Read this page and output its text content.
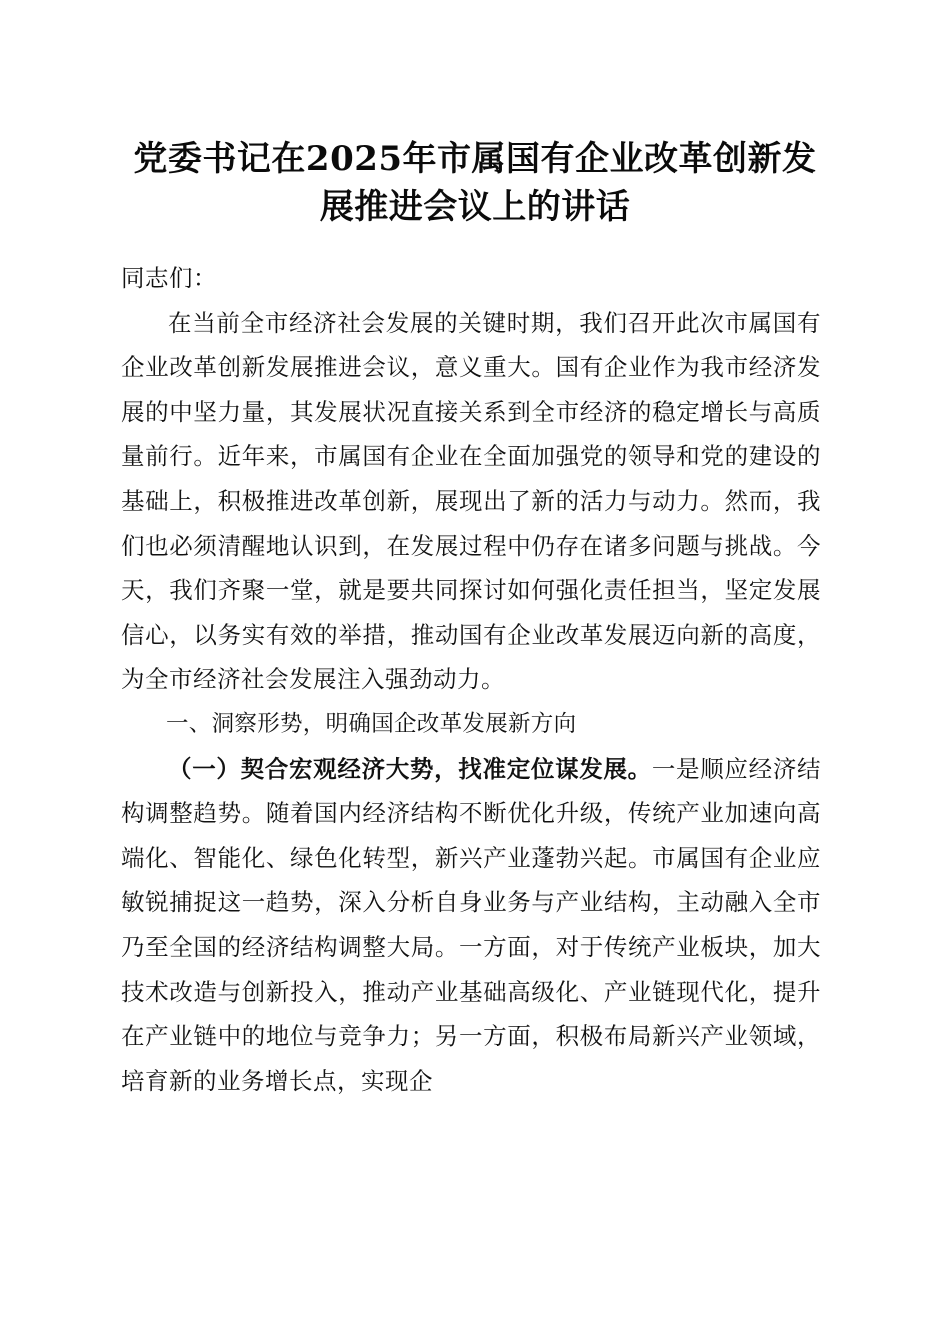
党委书记在2025年市属国有企业改革创新发
展推进会议上的讲话

同志们：

在当前全市经济社会发展的关键时期，我们召开此次市属国有企业改革创新发展推进会议，意义重大。国有企业作为我市经济发展的中坚力量，其发展状况直接关系到全市经济的稳定增长与高质量前行。近年来，市属国有企业在全面加强党的领导和党的建设的基础上，积极推进改革创新，展现出了新的活力与动力。然而，我们也必须清醒地认识到，在发展过程中仍存在诸多问题与挑战。今天，我们齐聚一堂，就是要共同探讨如何强化责任担当，坚定发展信心，以务实有效的举措，推动国有企业改革发展迈向新的高度，为全市经济社会发展注入强劲动力。

一、洞察形势，明确国企改革发展新方向

（一）契合宏观经济大势，找准定位谋发展。一是顺应经济结构调整趋势。随着国内经济结构不断优化升级，传统产业加速向高端化、智能化、绿色化转型，新兴产业蓬勃兴起。市属国有企业应敏锐捕捉这一趋势，深入分析自身业务与产业结构，主动融入全市乃至全国的经济结构调整大局。一方面，对于传统产业板块，加大技术改造与创新投入，推动产业基础高级化、产业链现代化，提升在产业链中的地位与竞争力；另一方面，积极布局新兴产业领域，培育新的业务增长点，实现企
